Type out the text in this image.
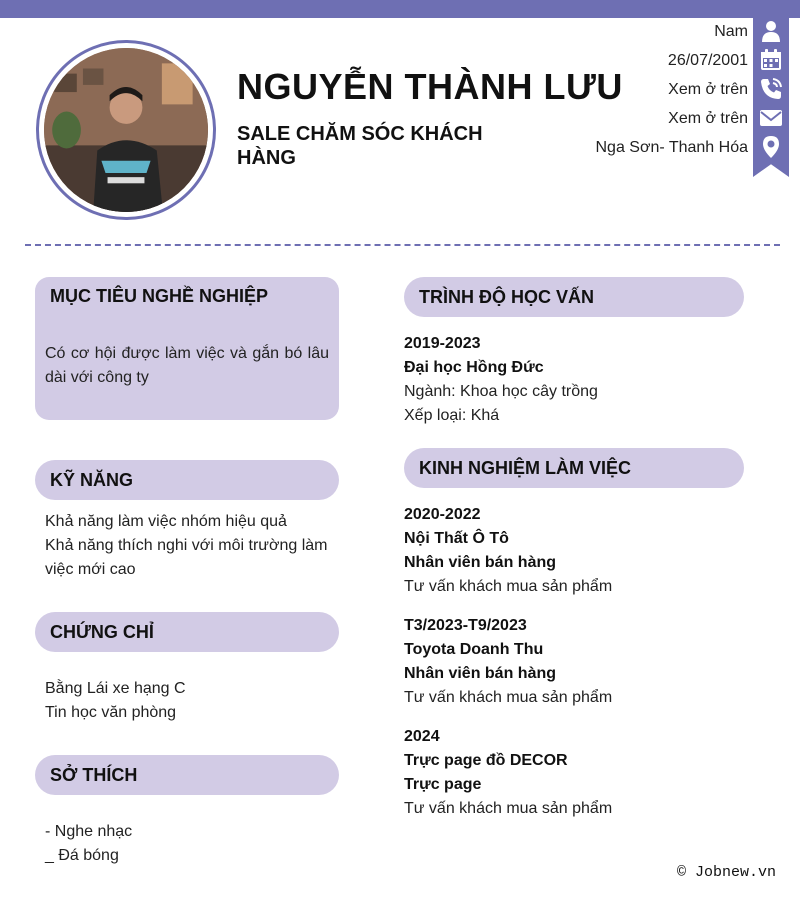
NGUYỄN THÀNH LƯU
SALE CHĂM SÓC KHÁCH HÀNG
Nam
26/07/2001
Xem ở trên
Xem ở trên
Nga Sơn- Thanh Hóa
MỤC TIÊU NGHỀ NGHIỆP
Có cơ hội được làm việc và gắn bó lâu dài với công ty
KỸ NĂNG
Khả năng làm việc nhóm hiệu quả
Khả năng thích nghi với môi trường làm việc mới cao
CHỨNG CHỈ
Bằng Lái xe hạng C
Tin học văn phòng
SỞ THÍCH
- Nghe nhạc
_ Đá bóng
TRÌNH ĐỘ HỌC VẤN
2019-2023
Đại học Hồng Đức
Ngành: Khoa học cây trồng
Xếp loại: Khá
KINH NGHIỆM LÀM VIỆC
2020-2022
Nội Thất Ô Tô
Nhân viên bán hàng
Tư vấn khách mua sản phẩm
T3/2023-T9/2023
Toyota Doanh Thu
Nhân viên bán hàng
Tư vấn khách mua sản phẩm
2024
Trực page đồ DECOR
Trực page
Tư vấn khách mua sản phẩm
© Jobnew.vn
